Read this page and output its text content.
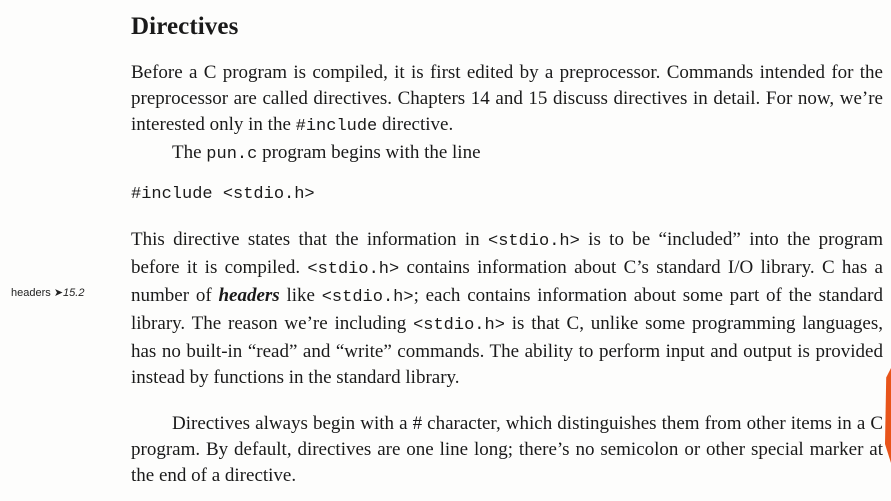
Directives
Before a C program is compiled, it is first edited by a preprocessor. Commands intended for the preprocessor are called directives. Chapters 14 and 15 discuss directives in detail. For now, we’re interested only in the #include directive.
The pun.c program begins with the line
#include <stdio.h>
headers ➤15.2
This directive states that the information in <stdio.h> is to be “included” into the program before it is compiled. <stdio.h> contains information about C’s standard I/O library. C has a number of headers like <stdio.h>; each contains information about some part of the standard library. The reason we’re including <stdio.h> is that C, unlike some programming languages, has no built-in “read” and “write” commands. The ability to perform input and output is provided instead by functions in the standard library.
Directives always begin with a # character, which distinguishes them from other items in a C program. By default, directives are one line long; there’s no semicolon or other special marker at the end of a directive.
